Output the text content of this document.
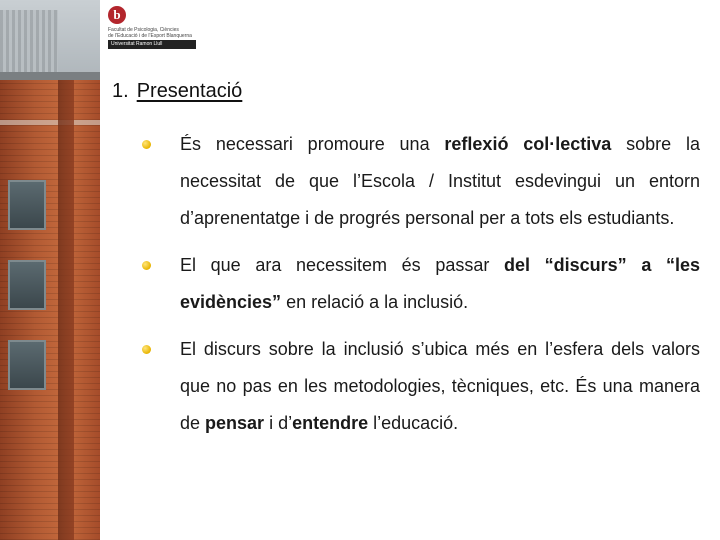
b
Facultat de Psicologia, Ciències
de l'Educació i de l'Esport Blanquerna
Universitat Ramon Llull
1. Presentació
És necessari promoure una reflexió col·lectiva sobre la necessitat de que l’Escola / Institut esdevingui un entorn d’aprenentatge i de progrés personal per a tots els estudiants.
El que ara necessitem és passar del “discurs” a “les evidències” en relació a la inclusió.
El discurs sobre la inclusió s’ubica més en l’esfera dels valors que no pas en les metodologies, tècniques, etc. És una manera de pensar i d’entendre l’educació.
